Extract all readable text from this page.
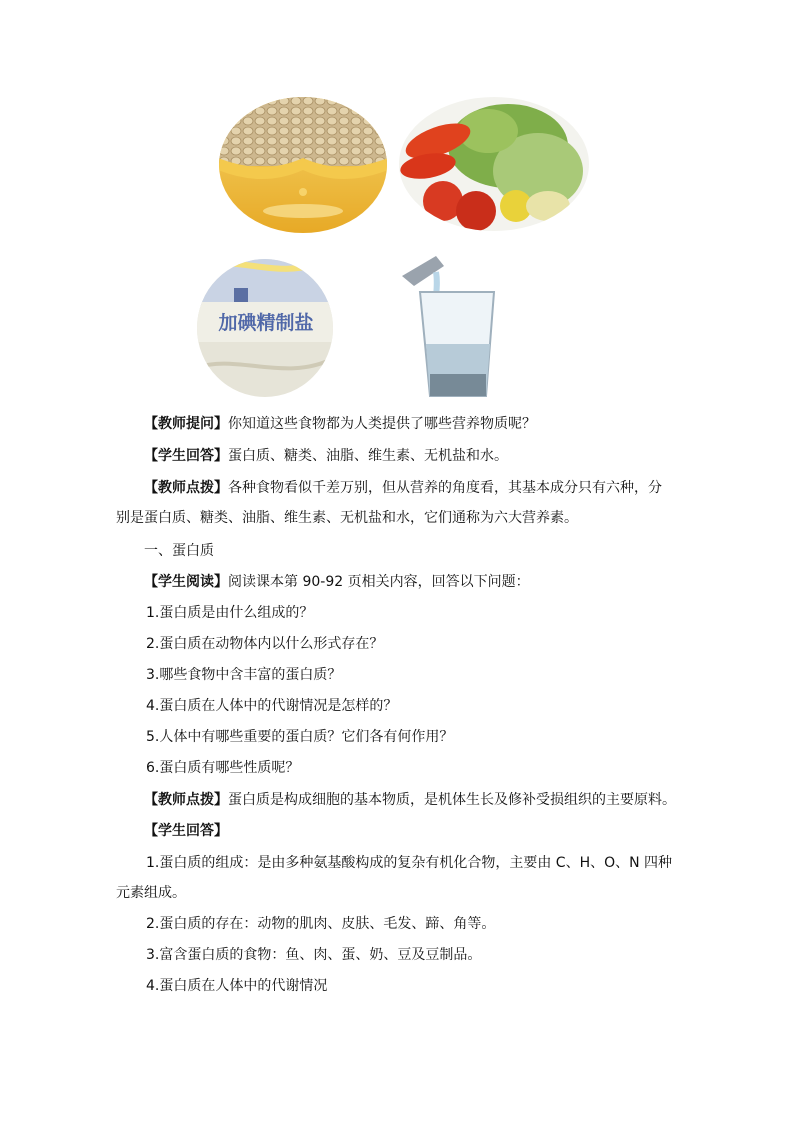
加碘精制盐
【教师提问】你知道这些食物都为人类提供了哪些营养物质呢？
【学生回答】蛋白质、糖类、油脂、维生素、无机盐和水。
【教师点拨】各种食物看似千差万别，但从营养的角度看，其基本成分只有六种，分
别是蛋白质、糖类、油脂、维生素、无机盐和水，它们通称为六大营养素。
一、蛋白质
【学生阅读】阅读课本第 90-92 页相关内容，回答以下问题：
1.蛋白质是由什么组成的？
2.蛋白质在动物体内以什么形式存在？
3.哪些食物中含丰富的蛋白质？
4.蛋白质在人体中的代谢情况是怎样的？
5.人体中有哪些重要的蛋白质？它们各有何作用？
6.蛋白质有哪些性质呢？
【教师点拨】蛋白质是构成细胞的基本物质，是机体生长及修补受损组织的主要原料。
【学生回答】
1.蛋白质的组成：是由多种氨基酸构成的复杂有机化合物，主要由 C、H、O、N 四种
元素组成。
2.蛋白质的存在：动物的肌肉、皮肤、毛发、蹄、角等。
3.富含蛋白质的食物：鱼、肉、蛋、奶、豆及豆制品。
4.蛋白质在人体中的代谢情况
